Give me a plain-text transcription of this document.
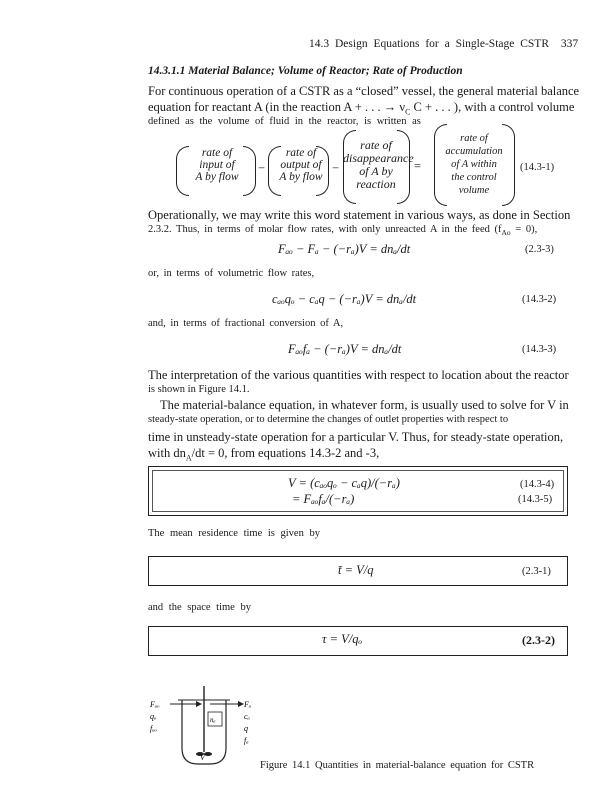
14.3 Design Equations for a Single-Stage CSTR 337
14.3.1.1 Material Balance; Volume of Reactor; Rate of Production
For continuous operation of a CSTR as a “closed” vessel, the general material balance
equation for reactant A (in the reaction A + . . . → $\nu_C$ C + . . . ), with a control volume
defined as the volume of fluid in the reactor, is written as
rate of
input of
A by flow
−
rate of
output of
A by flow
−
rate of
disappearance
of A by
reaction
=
rate of
accumulation
of A within
the control
volume
(14.3-1)
Operationally, we may write this word statement in various ways, as done in Section
2.3.2. Thus, in terms of molar flow rates, with only unreacted A in the feed $(f_{Ao} = 0)$,
Fₐₒ − Fₐ − (−rₐ)V = dnₐ/dt	(2.3-3)
or, in terms of volumetric flow rates,
cₐₒqₒ − cₐq − (−rₐ)V = dnₐ/dt	(14.3-2)
and, in terms of fractional conversion of A,
Fₐₒfₐ − (−rₐ)V = dnₐ/dt	(14.3-3)
The interpretation of the various quantities with respect to location about the reactor
is shown in Figure 14.1.
The material-balance equation, in whatever form, is usually used to solve for V in
steady-state operation, or to determine the changes of outlet properties with respect to
time in unsteady-state operation for a particular V. Thus, for steady-state operation,
with $dn_A/dt = 0$, from equations 14.3-2 and -3,
V = (cₐₒqₒ − cₐq)/(−rₐ)	(14.3-4)
= Fₐₒfₐ/(−rₐ)	(14.3-5)
The mean residence time is given by
t̄ = V/q	(2.3-1)
and the space time by
τ = V/qₒ	(2.3-2)
Fₐₒ
qₒ
fₐₒ
nₐ
Fₐ
cₐ
q
fₐ
V
Figure 14.1 Quantities in material-balance equation for CSTR
